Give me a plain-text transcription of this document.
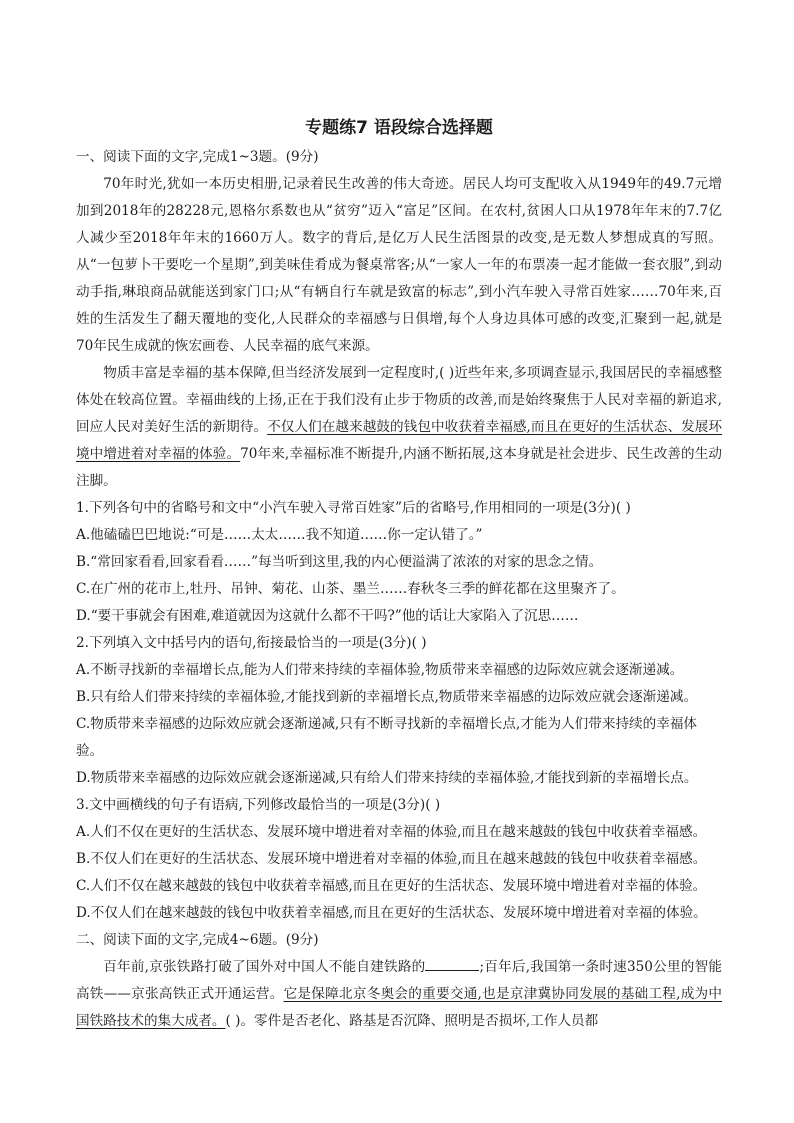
专题练7 语段综合选择题

一、阅读下面的文字,完成1~3题。(9分)

70年时光,犹如一本历史相册,记录着民生改善的伟大奇迹。居民人均可支配收入从1949年的49.7元增加到2018年的28228元,恩格尔系数也从“贫穷”迈入“富足”区间。在农村,贫困人口从1978年年末的7.7亿人减少至2018年年末的1660万人。数字的背后,是亿万人民生活图景的改变,是无数人梦想成真的写照。从“一包萝卜干要吃一个星期”,到美味佳肴成为餐桌常客;从“一家人一年的布票凑一起才能做一套衣服”,到动动手指,琳琅商品就能送到家门口;从“有辆自行车就是致富的标志”,到小汽车驶入寻常百姓家……70年来,百姓的生活发生了翻天覆地的变化,人民群众的幸福感与日俱增,每个人身边具体可感的改变,汇聚到一起,就是70年民生成就的恢宏画卷、人民幸福的底气来源。

物质丰富是幸福的基本保障,但当经济发展到一定程度时,( )近些年来,多项调查显示,我国居民的幸福感整体处在较高位置。幸福曲线的上扬,正在于我们没有止步于物质的改善,而是始终聚焦于人民对幸福的新追求,回应人民对美好生活的新期待。不仅人们在越来越鼓的钱包中收获着幸福感,而且在更好的生活状态、发展环境中增进着对幸福的体验。70年来,幸福标准不断提升,内涵不断拓展,这本身就是社会进步、民生改善的生动注脚。

1.下列各句中的省略号和文中“小汽车驶入寻常百姓家”后的省略号,作用相同的一项是(3分)( )

A.他磕磕巴巴地说:“可是……太太……我不知道……你一定认错了。”

B.“常回家看看,回家看看……”每当听到这里,我的内心便溢满了浓浓的对家的思念之情。

C.在广州的花市上,牡丹、吊钟、菊花、山茶、墨兰……春秋冬三季的鲜花都在这里聚齐了。

D.“要干事就会有困难,难道就因为这就什么都不干吗?”他的话让大家陷入了沉思……

2.下列填入文中括号内的语句,衔接最恰当的一项是(3分)( )

A.不断寻找新的幸福增长点,能为人们带来持续的幸福体验,物质带来幸福感的边际效应就会逐渐递减。

B.只有给人们带来持续的幸福体验,才能找到新的幸福增长点,物质带来幸福感的边际效应就会逐渐递减。

C.物质带来幸福感的边际效应就会逐渐递减,只有不断寻找新的幸福增长点,才能为人们带来持续的幸福体验。

D.物质带来幸福感的边际效应就会逐渐递减,只有给人们带来持续的幸福体验,才能找到新的幸福增长点。

3.文中画横线的句子有语病,下列修改最恰当的一项是(3分)( )

A.人们不仅在更好的生活状态、发展环境中增进着对幸福的体验,而且在越来越鼓的钱包中收获着幸福感。

B.不仅人们在更好的生活状态、发展环境中增进着对幸福的体验,而且在越来越鼓的钱包中收获着幸福感。

C.人们不仅在越来越鼓的钱包中收获着幸福感,而且在更好的生活状态、发展环境中增进着对幸福的体验。

D.不仅人们在越来越鼓的钱包中收获着幸福感,而且在更好的生活状态、发展环境中增进着对幸福的体验。

二、阅读下面的文字,完成4~6题。(9分)

百年前,京张铁路打破了国外对中国人不能自建铁路的	;百年后,我国第一条时速350公里的智能高铁——京张高铁正式开通运营。它是保障北京冬奥会的重要交通,也是京津冀协同发展的基础工程,成为中国铁路技术的集大成者。( )。零件是否老化、路基是否沉降、照明是否损坏,工作人员都
